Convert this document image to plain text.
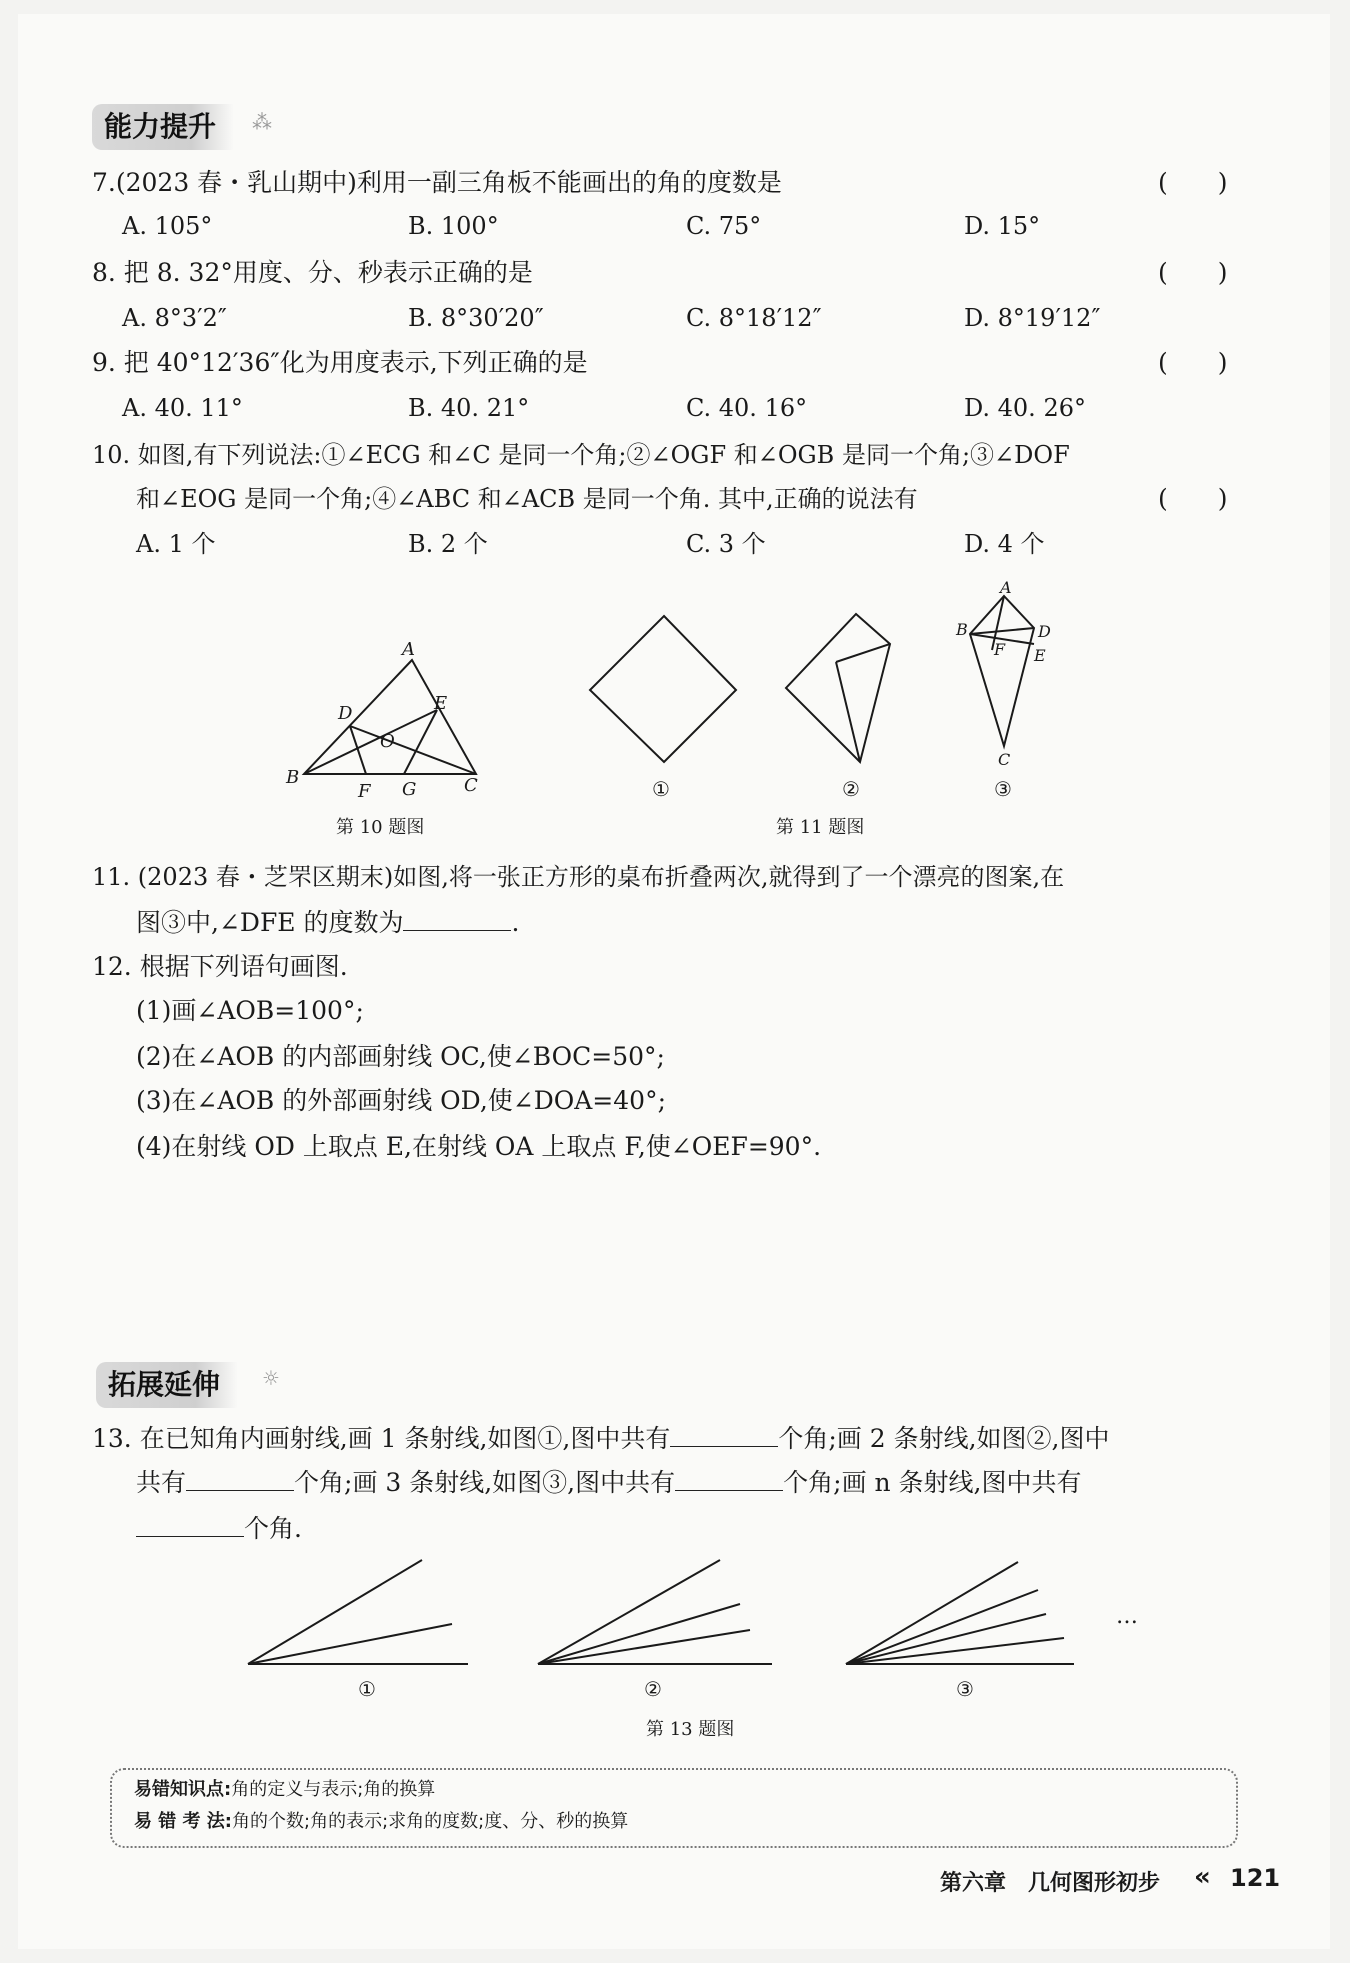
能力提升	⁂
7.(2023 春・乳山期中)利用一副三角板不能画出的角的度数是	(　　)
A. 105°	B. 100°	C. 75°	D. 15°
8. 把 8. 32°用度、分、秒表示正确的是	(　　)
A. 8°3′2″	B. 8°30′20″	C. 8°18′12″	D. 8°19′12″
9. 把 40°12′36″化为用度表示,下列正确的是	(　　)
A. 40. 11°	B. 40. 21°	C. 40. 16°	D. 40. 26°
10. 如图,有下列说法:①∠ECG 和∠C 是同一个角;②∠OGF 和∠OGB 是同一个角;③∠DOF
和∠EOG 是同一个角;④∠ABC 和∠ACB 是同一个角. 其中,正确的说法有	(　　)
A. 1 个	B. 2 个	C. 3 个	D. 4 个
A
B	C
D	E
O
F G
第 10 题图
①	②	③
A
B	D
F E
C
第 11 题图
11. (2023 春・芝罘区期末)如图,将一张正方形的桌布折叠两次,就得到了一个漂亮的图案,在
图③中,∠DFE 的度数为	.
12. 根据下列语句画图.
(1)画∠AOB=100°;
(2)在∠AOB 的内部画射线 OC,使∠BOC=50°;
(3)在∠AOB 的外部画射线 OD,使∠DOA=40°;
(4)在射线 OD 上取点 E,在射线 OA 上取点 F,使∠OEF=90°.
拓展延伸	☼
13. 在已知角内画射线,画 1 条射线,如图①,图中共有	个角;画 2 条射线,如图②,图中
共有	个角;画 3 条射线,如图③,图中共有	个角;画 n 条射线,图中共有
个角.
①	②	③
…
第 13 题图
易错知识点:角的定义与表示;角的换算
易 错 考 法:角的个数;角的表示;求角的度数;度、分、秒的换算
第六章　几何图形初步 « 121
